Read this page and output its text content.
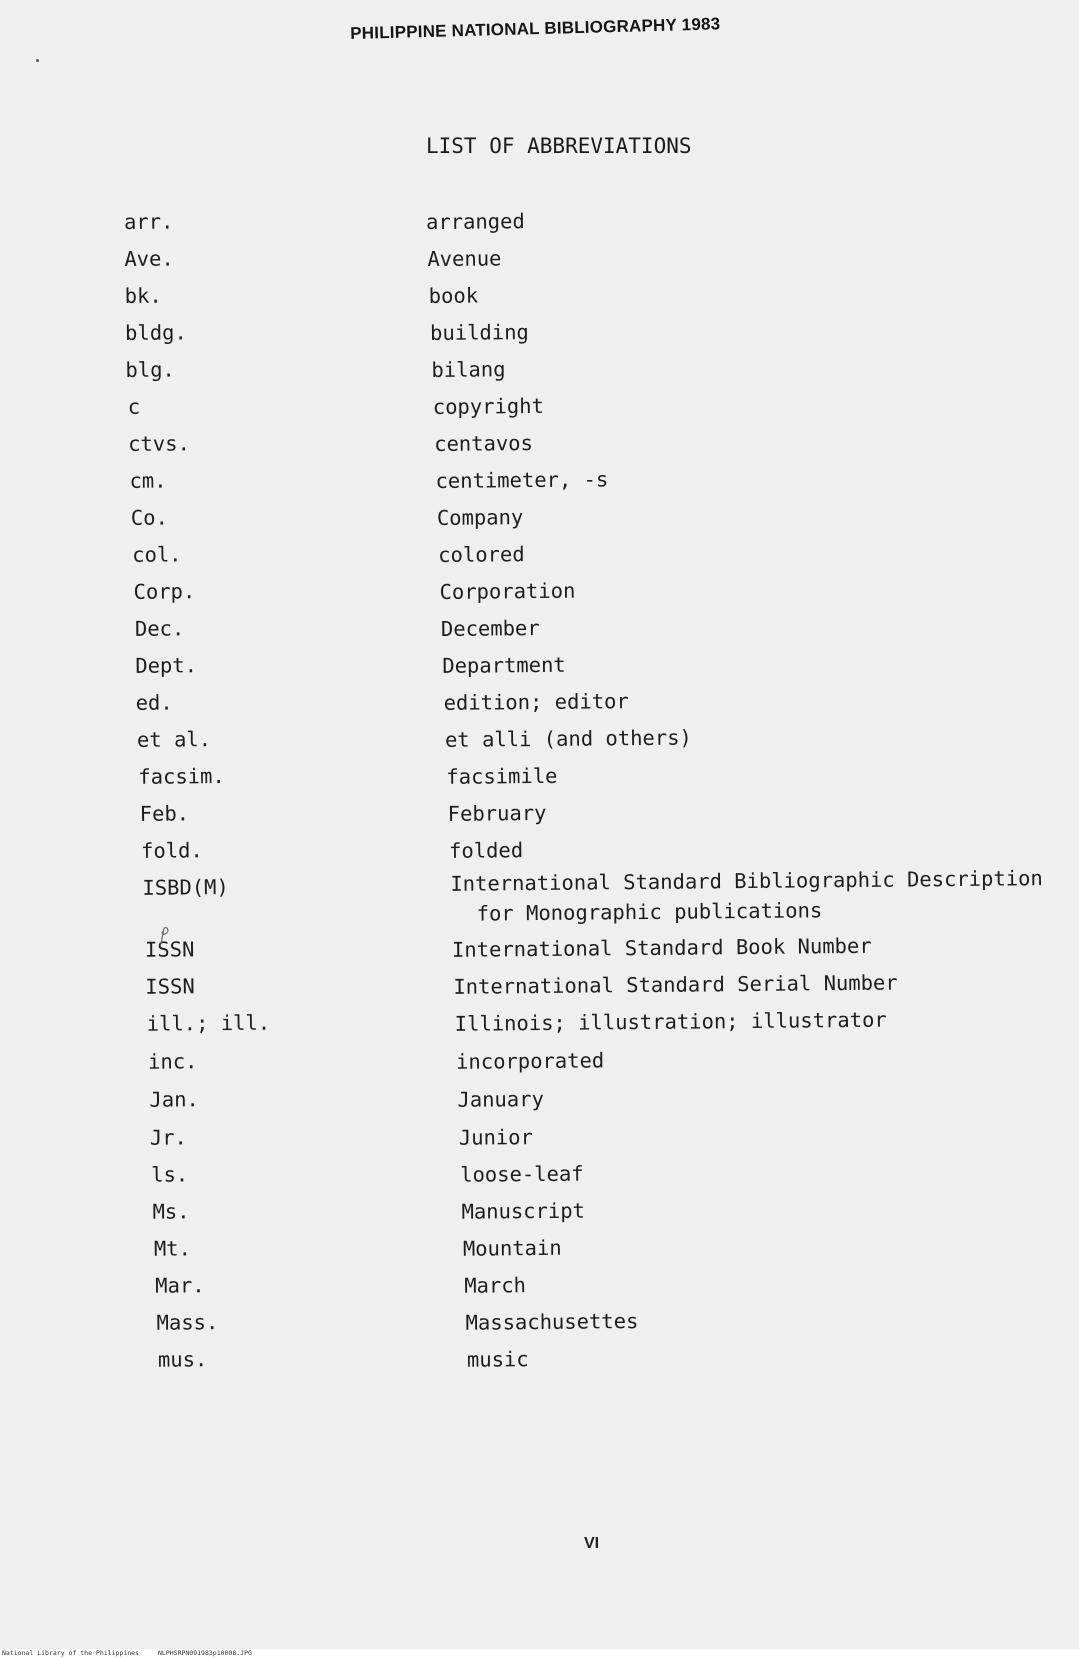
PHILIPPINE NATIONAL BIBLIOGRAPHY 1983
LIST OF ABBREVIATIONS
arr.	arranged
Ave.	Avenue
bk.	book
bldg.	building
blg.	bilang
c	copyright
ctvs.	centavos
cm.	centimeter, -s
Co.	Company
col.	colored
Corp.	Corporation
Dec.	December
Dept.	Department
ed.	edition; editor
et al.	et alli (and others)
facsim.	facsimile
Feb.	February
fold.	folded
ISBD(M)	International Standard Bibliographic Description
for Monographic publications
ISSN	International Standard Book Number
ISSN	International Standard Serial Number
ill.; ill.	Illinois; illustration; illustrator
inc.	incorporated
Jan.	January
Jr.	Junior
ls.	loose-leaf
Ms.	Manuscript
Mt.	Mountain
Mar.	March
Mass.	Massachusettes
mus.	music
VI
National Library of the Philippines	NLPHSRPN091983p10008.JPG
